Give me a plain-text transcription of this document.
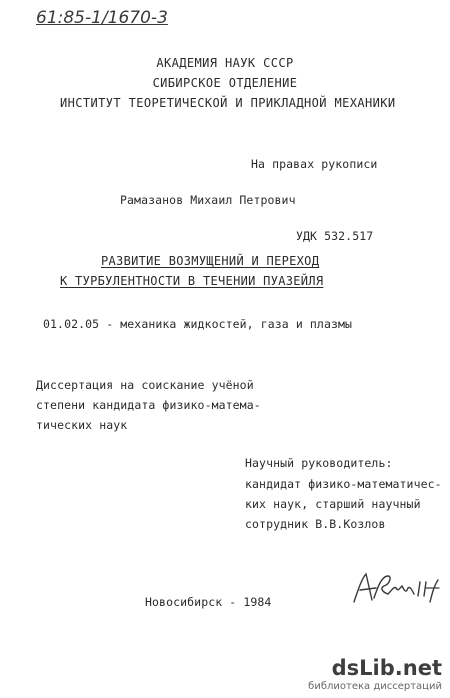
61:85-1/1670-3
АКАДЕМИЯ НАУК СССР
СИБИРСКОЕ ОТДЕЛЕНИЕ
ИНСТИТУТ ТЕОРЕТИЧЕСКОЙ И ПРИКЛАДНОЙ МЕХАНИКИ
На правах рукописи
Рамазанов Михаил Петрович
УДК 532.517
РАЗВИТИЕ ВОЗМУЩЕНИЙ И ПЕРЕХОД
К ТУРБУЛЕНТНОСТИ В ТЕЧЕНИИ ПУАЗЕЙЛЯ
01.02.05 - механика жидкостей, газа и плазмы
Диссертация на соискание учёной
степени кандидата физико-матема-
тических наук
Научный руководитель:
кандидат физико-математичес-
ких наук, старший научный
сотрудник В.В.Козлов
Новосибирск - 1984
dsLib.net
библиотека диссертаций
